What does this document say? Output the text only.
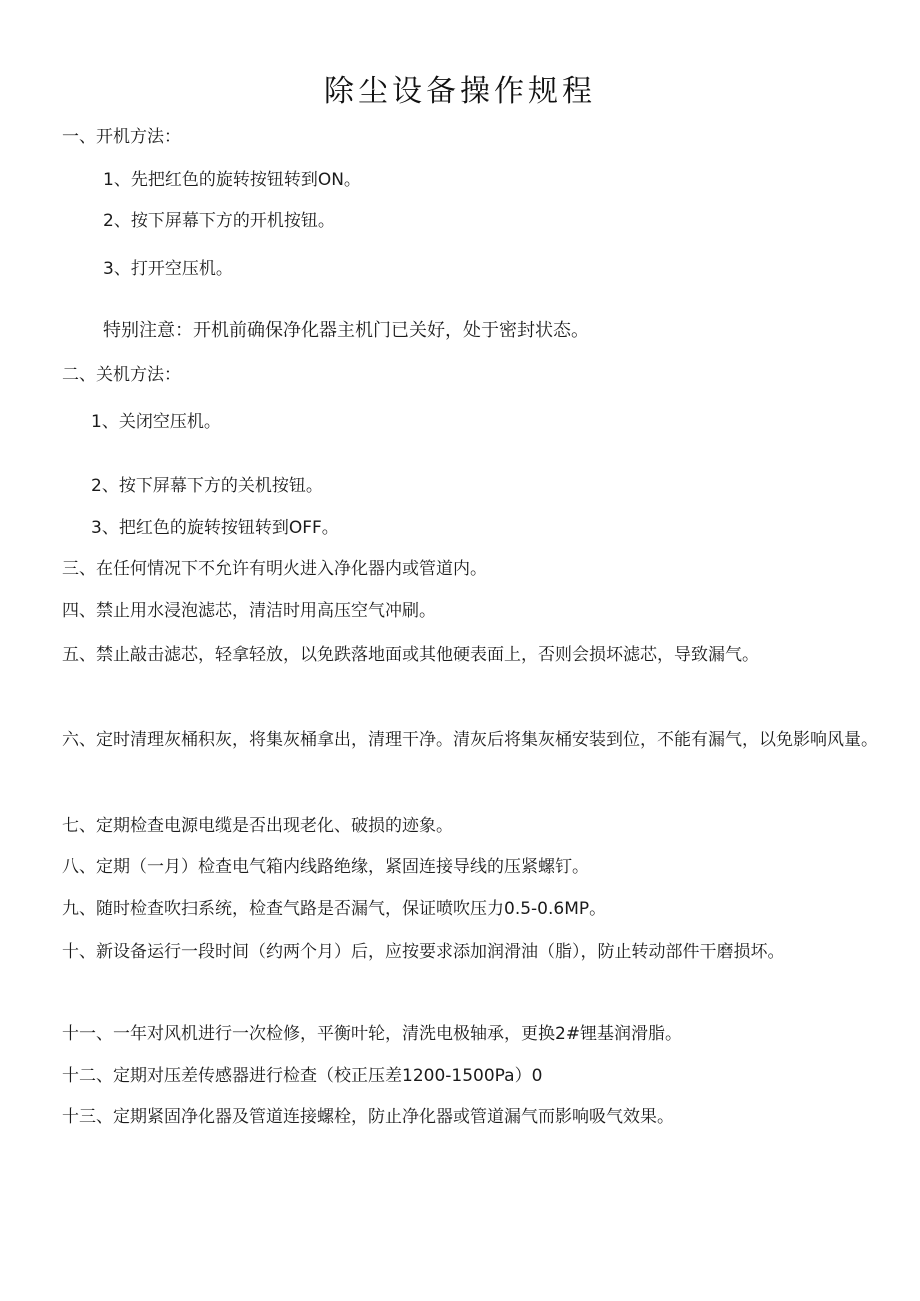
除尘设备操作规程
一、开机方法：
1、先把红色的旋转按钮转到ON。
2、按下屏幕下方的开机按钮。
3、打开空压机。
特别注意：开机前确保净化器主机门已关好，处于密封状态。
二、关机方法：
1、关闭空压机。
2、按下屏幕下方的关机按钮。
3、把红色的旋转按钮转到OFF。
三、在任何情况下不允许有明火进入净化器内或管道内。
四、禁止用水浸泡滤芯，清洁时用高压空气冲刷。
五、禁止敲击滤芯，轻拿轻放，以免跌落地面或其他硬表面上，否则会损坏滤芯，导致漏气。
六、定时清理灰桶积灰，将集灰桶拿出，清理干净。清灰后将集灰桶安装到位，不能有漏气，以免影响风量。
七、定期检查电源电缆是否出现老化、破损的迹象。
八、定期（一月）检查电气箱内线路绝缘，紧固连接导线的压紧螺钉。
九、随时检查吹扫系统，检查气路是否漏气，保证喷吹压力0.5-0.6MP。
十、新设备运行一段时间（约两个月）后，应按要求添加润滑油（脂），防止转动部件干磨损坏。
十一、一年对风机进行一次检修，平衡叶轮，清洗电极轴承，更换2#锂基润滑脂。
十二、定期对压差传感器进行检查（校正压差1200-1500Pa）0
十三、定期紧固净化器及管道连接螺栓，防止净化器或管道漏气而影响吸气效果。
